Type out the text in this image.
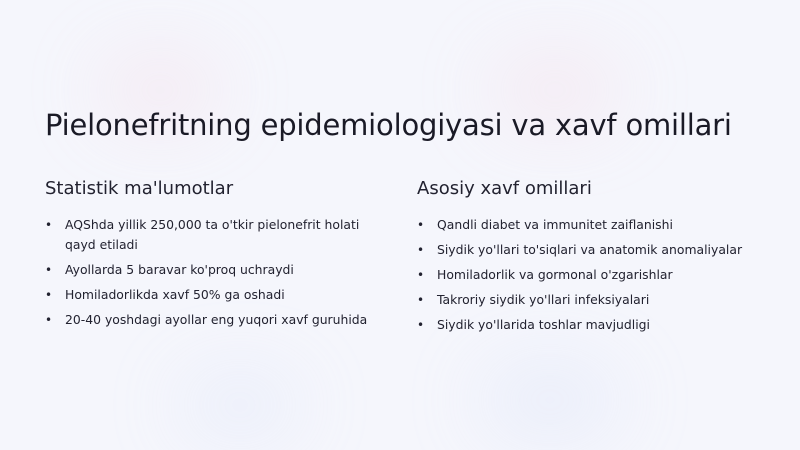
Pielonefritning epidemiologiyasi va xavf omillari
Statistik ma'lumotlar
• AQShda yillik 250,000 ta o'tkir pielonefrit holati qayd etiladi
• Ayollarda 5 baravar ko'proq uchraydi
• Homiladorlikda xavf 50% ga oshadi
• 20-40 yoshdagi ayollar eng yuqori xavf guruhida
Asosiy xavf omillari
• Qandli diabet va immunitet zaiflanishi
• Siydik yo'llari to'siqlari va anatomik anomaliyalar
• Homiladorlik va gormonal o'zgarishlar
• Takroriy siydik yo'llari infeksiyalari
• Siydik yo'llarida toshlar mavjudligi
